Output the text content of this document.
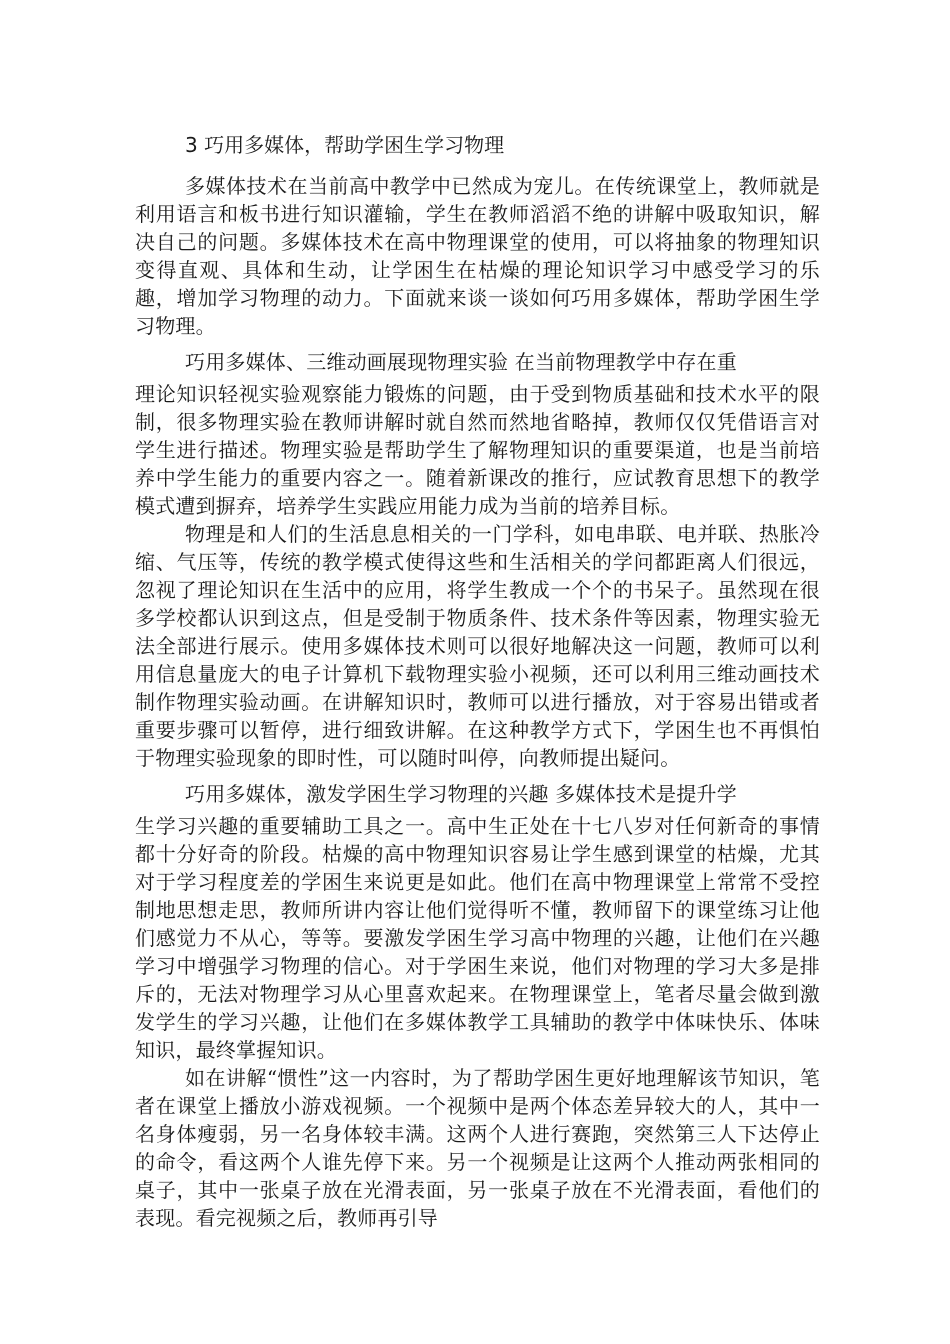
3 巧用多媒体，帮助学困生学习物理

多媒体技术在当前高中教学中已然成为宠儿。在传统课堂上，教师就是利用语言和板书进行知识灌输，学生在教师滔滔不绝的讲解中吸取知识，解决自己的问题。多媒体技术在高中物理课堂的使用，可以将抽象的物理知识变得直观、具体和生动，让学困生在枯燥的理论知识学习中感受学习的乐趣，增加学习物理的动力。下面就来谈一谈如何巧用多媒体，帮助学困生学习物理。

巧用多媒体、三维动画展现物理实验 在当前物理教学中存在重

理论知识轻视实验观察能力锻炼的问题，由于受到物质基础和技术水平的限制，很多物理实验在教师讲解时就自然而然地省略掉，教师仅仅凭借语言对学生进行描述。物理实验是帮助学生了解物理知识的重要渠道，也是当前培养中学生能力的重要内容之一。随着新课改的推行，应试教育思想下的教学模式遭到摒弃，培养学生实践应用能力成为当前的培养目标。

物理是和人们的生活息息相关的一门学科，如电串联、电并联、热胀冷缩、气压等，传统的教学模式使得这些和生活相关的学问都距离人们很远，忽视了理论知识在生活中的应用，将学生教成一个个的书呆子。虽然现在很多学校都认识到这点，但是受制于物质条件、技术条件等因素，物理实验无法全部进行展示。使用多媒体技术则可以很好地解决这一问题，教师可以利用信息量庞大的电子计算机下载物理实验小视频，还可以利用三维动画技术制作物理实验动画。在讲解知识时，教师可以进行播放，对于容易出错或者重要步骤可以暂停，进行细致讲解。在这种教学方式下，学困生也不再惧怕于物理实验现象的即时性，可以随时叫停，向教师提出疑问。

巧用多媒体，激发学困生学习物理的兴趣 多媒体技术是提升学

生学习兴趣的重要辅助工具之一。高中生正处在十七八岁对任何新奇的事情都十分好奇的阶段。枯燥的高中物理知识容易让学生感到课堂的枯燥，尤其对于学习程度差的学困生来说更是如此。他们在高中物理课堂上常常不受控制地思想走思，教师所讲内容让他们觉得听不懂，教师留下的课堂练习让他们感觉力不从心，等等。要激发学困生学习高中物理的兴趣，让他们在兴趣学习中增强学习物理的信心。对于学困生来说，他们对物理的学习大多是排斥的，无法对物理学习从心里喜欢起来。在物理课堂上，笔者尽量会做到激发学生的学习兴趣，让他们在多媒体教学工具辅助的教学中体味快乐、体味知识，最终掌握知识。

如在讲解“惯性”这一内容时，为了帮助学困生更好地理解该节知识，笔者在课堂上播放小游戏视频。一个视频中是两个体态差异较大的人，其中一名身体瘦弱，另一名身体较丰满。这两个人进行赛跑，突然第三人下达停止的命令，看这两个人谁先停下来。另一个视频是让这两个人推动两张相同的桌子，其中一张桌子放在光滑表面，另一张桌子放在不光滑表面，看他们的表现。看完视频之后，教师再引导
